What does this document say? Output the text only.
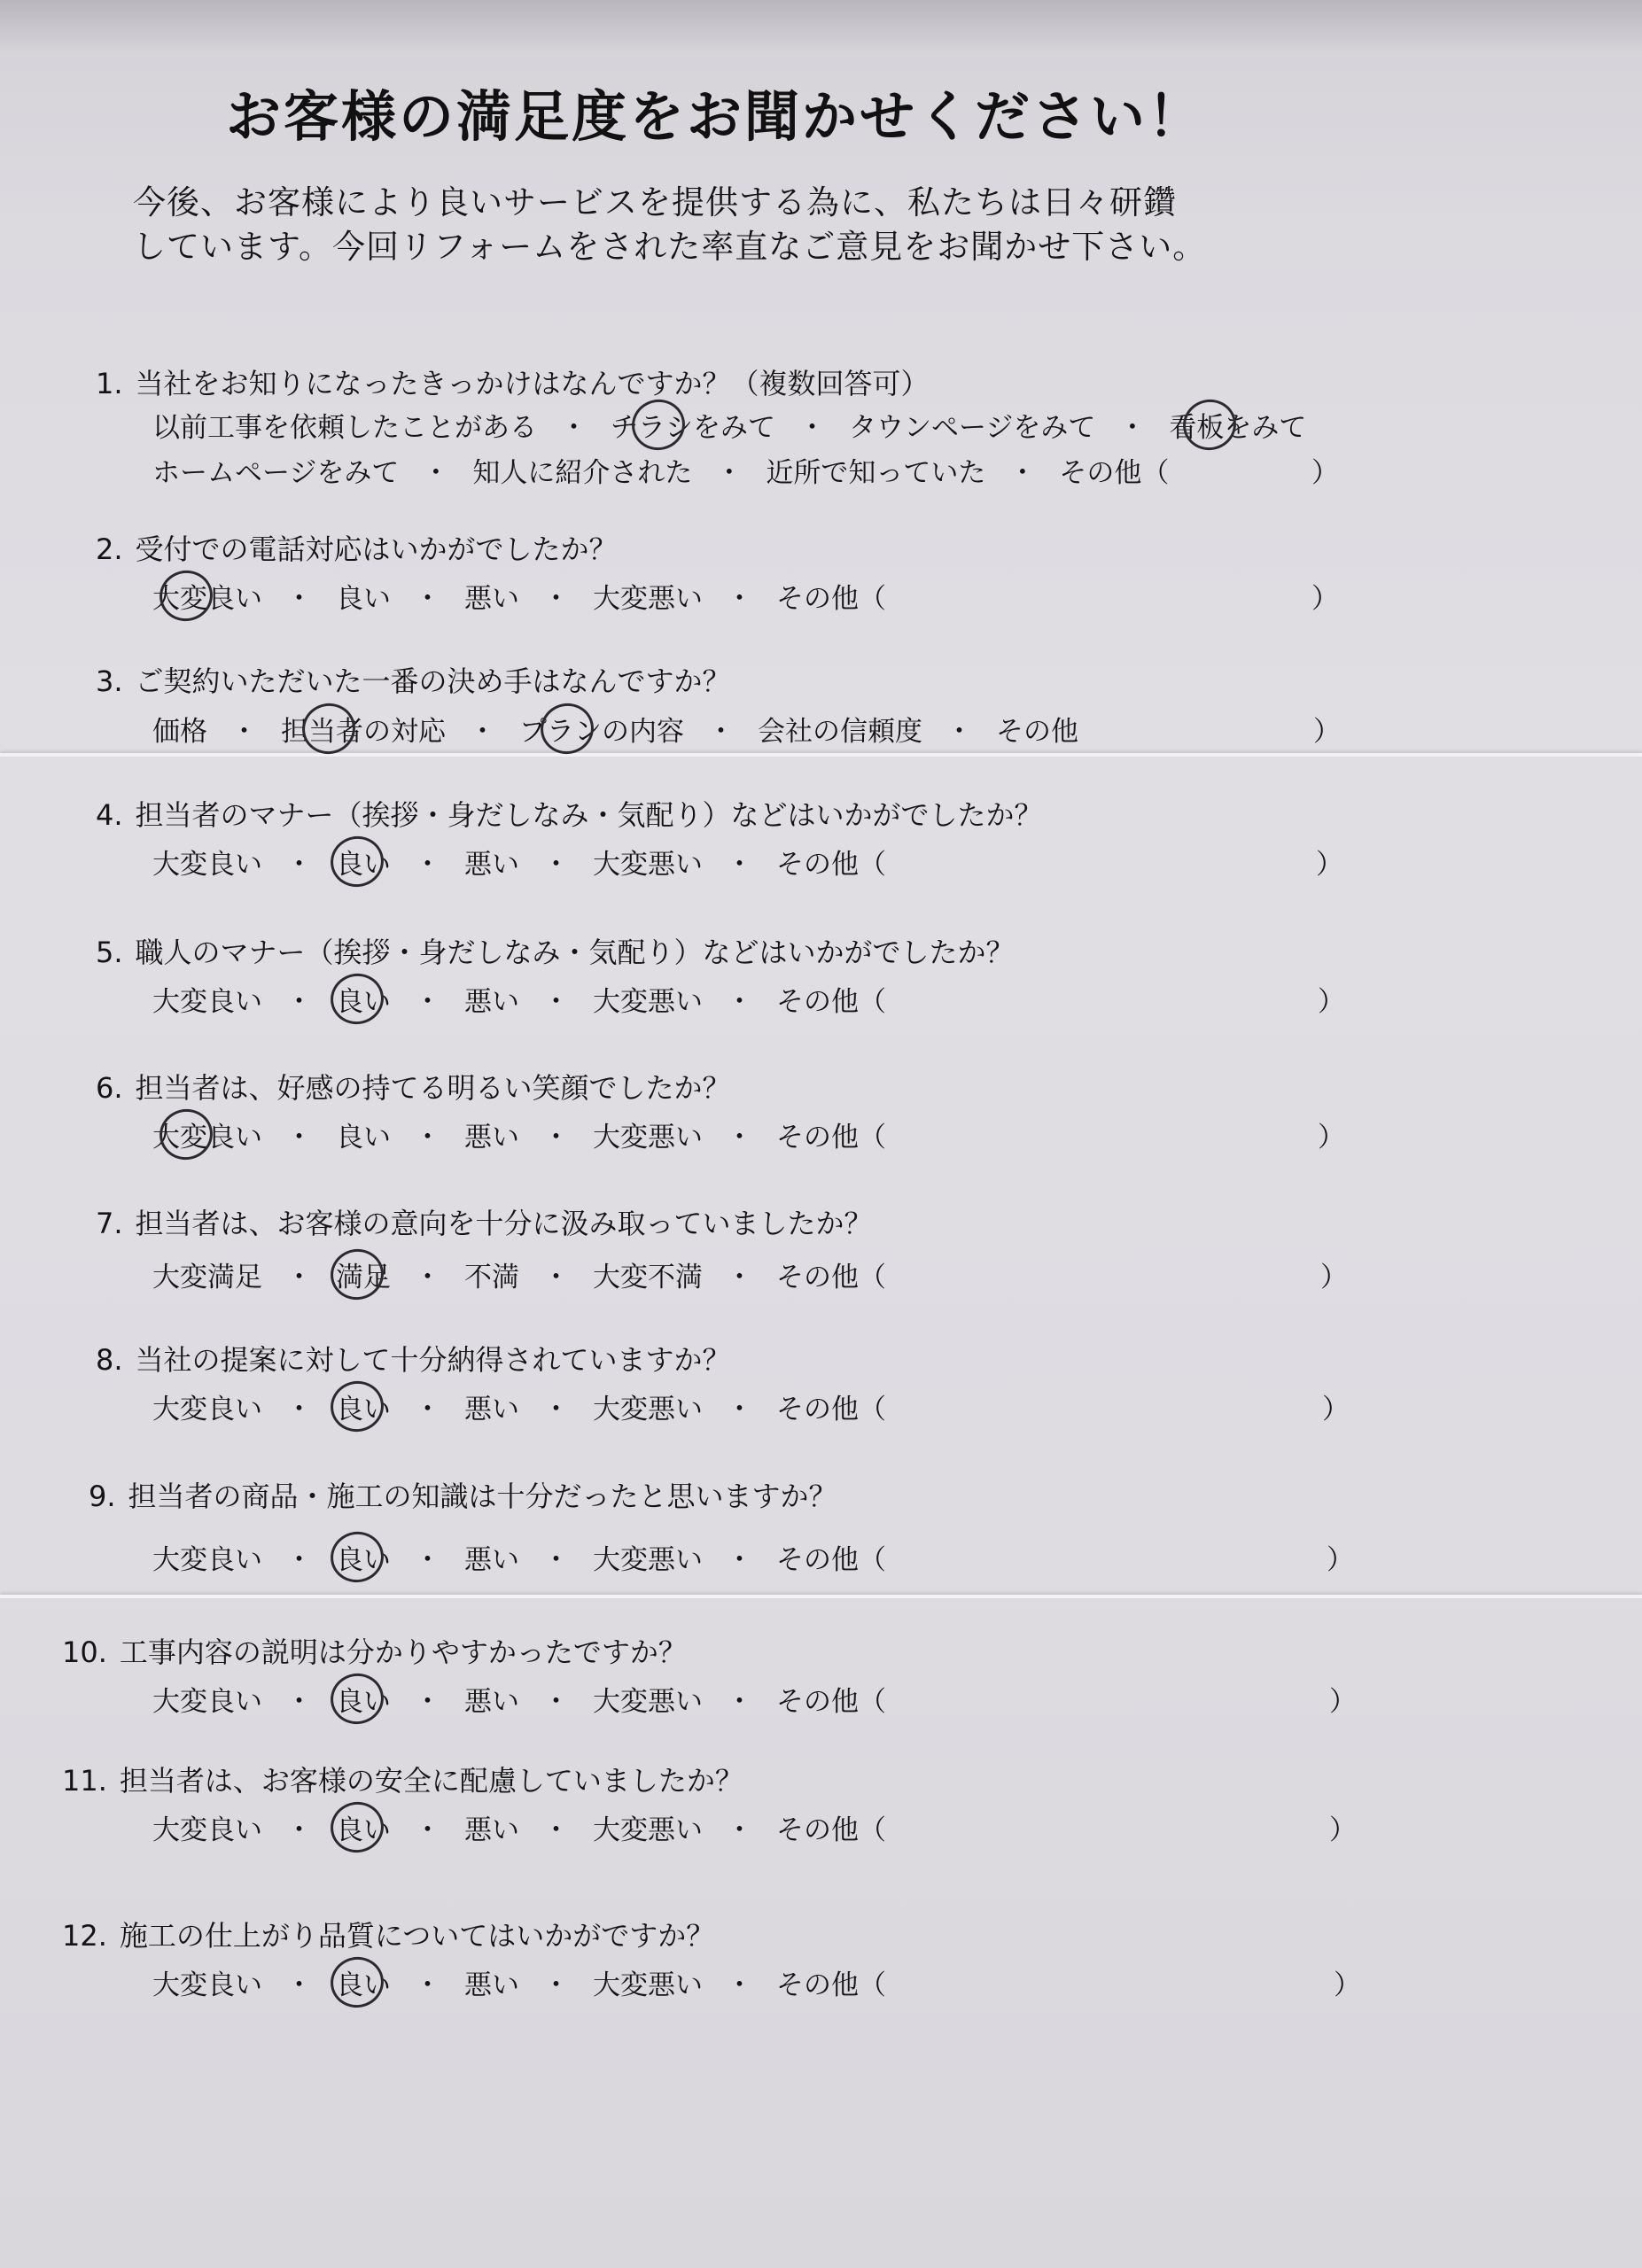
お客様の満足度をお聞かせください！
今後、お客様により良いサービスを提供する為に、私たちは日々研鑽
しています。今回リフォームをされた率直なご意見をお聞かせ下さい。
1. 当社をお知りになったきっかけはなんですか？（複数回答可）
以前工事を依頼したことがある ・ チラシをみて ・ タウンページをみて ・ 看板をみて
ホームページをみて ・ 知人に紹介された ・ 近所で知っていた ・ その他（	）
2. 受付での電話対応はいかがでしたか？
大変良い ・ 良い ・ 悪い ・ 大変悪い ・ その他（	）
3. ご契約いただいた一番の決め手はなんですか？
価格 ・ 担当者の対応 ・ プランの内容 ・ 会社の信頼度 ・ その他	）
4. 担当者のマナー（挨拶・身だしなみ・気配り）などはいかがでしたか？
大変良い ・ 良い ・ 悪い ・ 大変悪い ・ その他（	）
5. 職人のマナー（挨拶・身だしなみ・気配り）などはいかがでしたか？
大変良い ・ 良い ・ 悪い ・ 大変悪い ・ その他（	）
6. 担当者は、好感の持てる明るい笑顔でしたか？
大変良い ・ 良い ・ 悪い ・ 大変悪い ・ その他（	）
7. 担当者は、お客様の意向を十分に汲み取っていましたか？
大変満足 ・ 満足 ・ 不満 ・ 大変不満 ・ その他（	）
8. 当社の提案に対して十分納得されていますか？
大変良い ・ 良い ・ 悪い ・ 大変悪い ・ その他（	）
9. 担当者の商品・施工の知識は十分だったと思いますか？
大変良い ・ 良い ・ 悪い ・ 大変悪い ・ その他（	）
10. 工事内容の説明は分かりやすかったですか？
大変良い ・ 良い ・ 悪い ・ 大変悪い ・ その他（	）
11. 担当者は、お客様の安全に配慮していましたか？
大変良い ・ 良い ・ 悪い ・ 大変悪い ・ その他（	）
12. 施工の仕上がり品質についてはいかがですか？
大変良い ・ 良い ・ 悪い ・ 大変悪い ・ その他（	）
